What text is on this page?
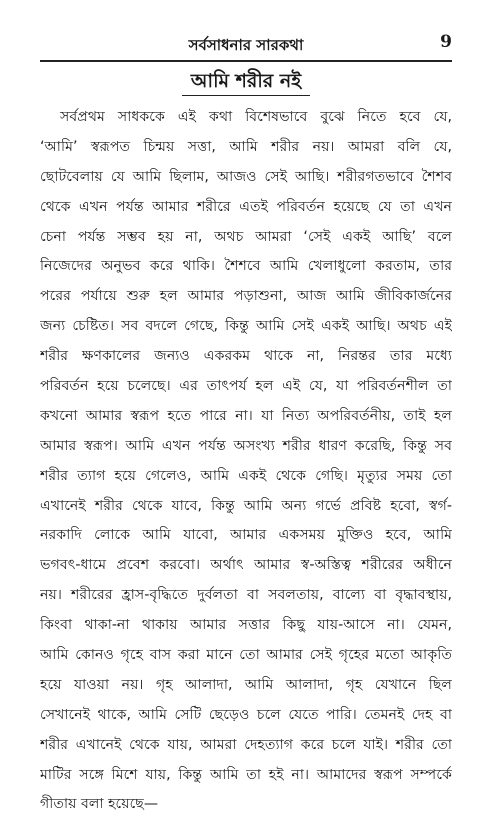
সর্বসাধনার সারকথা	9
আমি শরীর নই
সর্বপ্রথম সাধককে এই কথা বিশেষভাবে বুঝে নিতে হবে যে,
‘আমি’ স্বরূপত চিন্ময় সত্তা, আমি শরীর নয়। আমরা বলি যে,
ছোটবেলায় যে আমি ছিলাম, আজও সেই আছি। শরীরগতভাবে শৈশব
থেকে এখন পর্যন্ত আমার শরীরে এতই পরিবর্তন হয়েছে যে তা এখন
চেনা পর্যন্ত সম্ভব হয় না, অথচ আমরা ‘সেই একই আছি’ বলে
নিজেদের অনুভব করে থাকি। শৈশবে আমি খেলাধুলো করতাম, তার
পরের পর্যায়ে শুরু হল আমার পড়াশুনা, আজ আমি জীবিকার্জনের
জন্য চেষ্টিত। সব বদলে গেছে, কিন্তু আমি সেই একই আছি। অথচ এই
শরীর ক্ষণকালের জন্যও একরকম থাকে না, নিরন্তর তার মধ্যে
পরিবর্তন হয়ে চলেছে। এর তাৎপর্য হল এই যে, যা পরিবর্তনশীল তা
কখনো আমার স্বরূপ হতে পারে না। যা নিত্য অপরিবর্তনীয়, তাই হল
আমার স্বরূপ। আমি এখন পর্যন্ত অসংখ্য শরীর ধারণ করেছি, কিন্তু সব
শরীর ত্যাগ হয়ে গেলেও, আমি একই থেকে গেছি। মৃত্যুর সময় তো
এখানেই শরীর থেকে যাবে, কিন্তু আমি অন্য গর্ভে প্রবিষ্ট হবো, স্বর্গ-
নরকাদি লোকে আমি যাবো, আমার একসময় মুক্তিও হবে, আমি
ভগবৎ-ধামে প্রবেশ করবো। অর্থাৎ আমার স্ব-অস্তিত্ব শরীরের অধীনে
নয়। শরীরের হ্রাস-বৃদ্ধিতে দুর্বলতা বা সবলতায়, বাল্যে বা বৃদ্ধাবস্থায়,
কিংবা থাকা-না থাকায় আমার সত্তার কিছু যায়-আসে না। যেমন,
আমি কোনও গৃহে বাস করা মানে তো আমার সেই গৃহের মতো আকৃতি
হয়ে যাওয়া নয়। গৃহ আলাদা, আমি আলাদা, গৃহ যেখানে ছিল
সেখানেই থাকে, আমি সেটি ছেড়েও চলে যেতে পারি। তেমনই দেহ বা
শরীর এখানেই থেকে যায়, আমরা দেহত্যাগ করে চলে যাই। শরীর তো
মাটির সঙ্গে মিশে যায়, কিন্তু আমি তা হই না। আমাদের স্বরূপ সম্পর্কে
গীতায় বলা হয়েছে—
